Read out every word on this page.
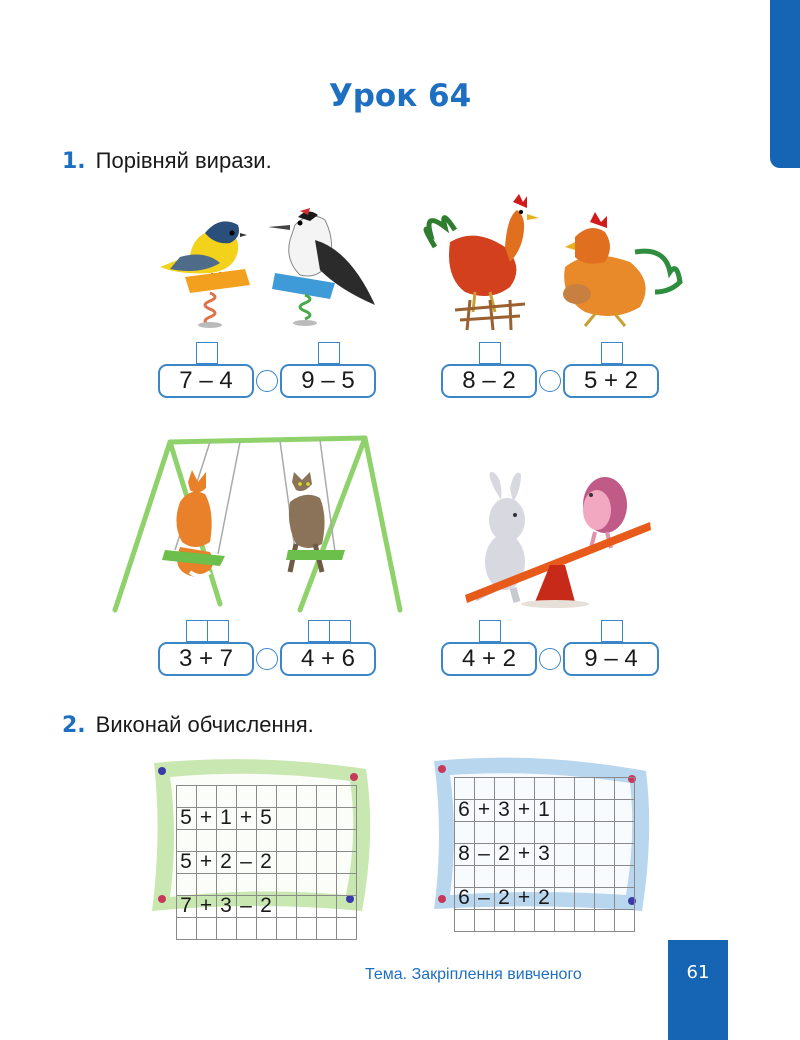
Урок 64
1. Порівняй вирази.
7 – 4	9 – 5	8 – 2	5 + 2
3 + 7	4 + 6	4 + 2	9 – 4
2. Виконай обчислення.
5 + 1 + 5
5 + 2 – 2
7 + 3 – 2
6 + 3 + 1
8 – 2 + 3
6 – 2 + 2
Тема. Закріплення вивченого	61
